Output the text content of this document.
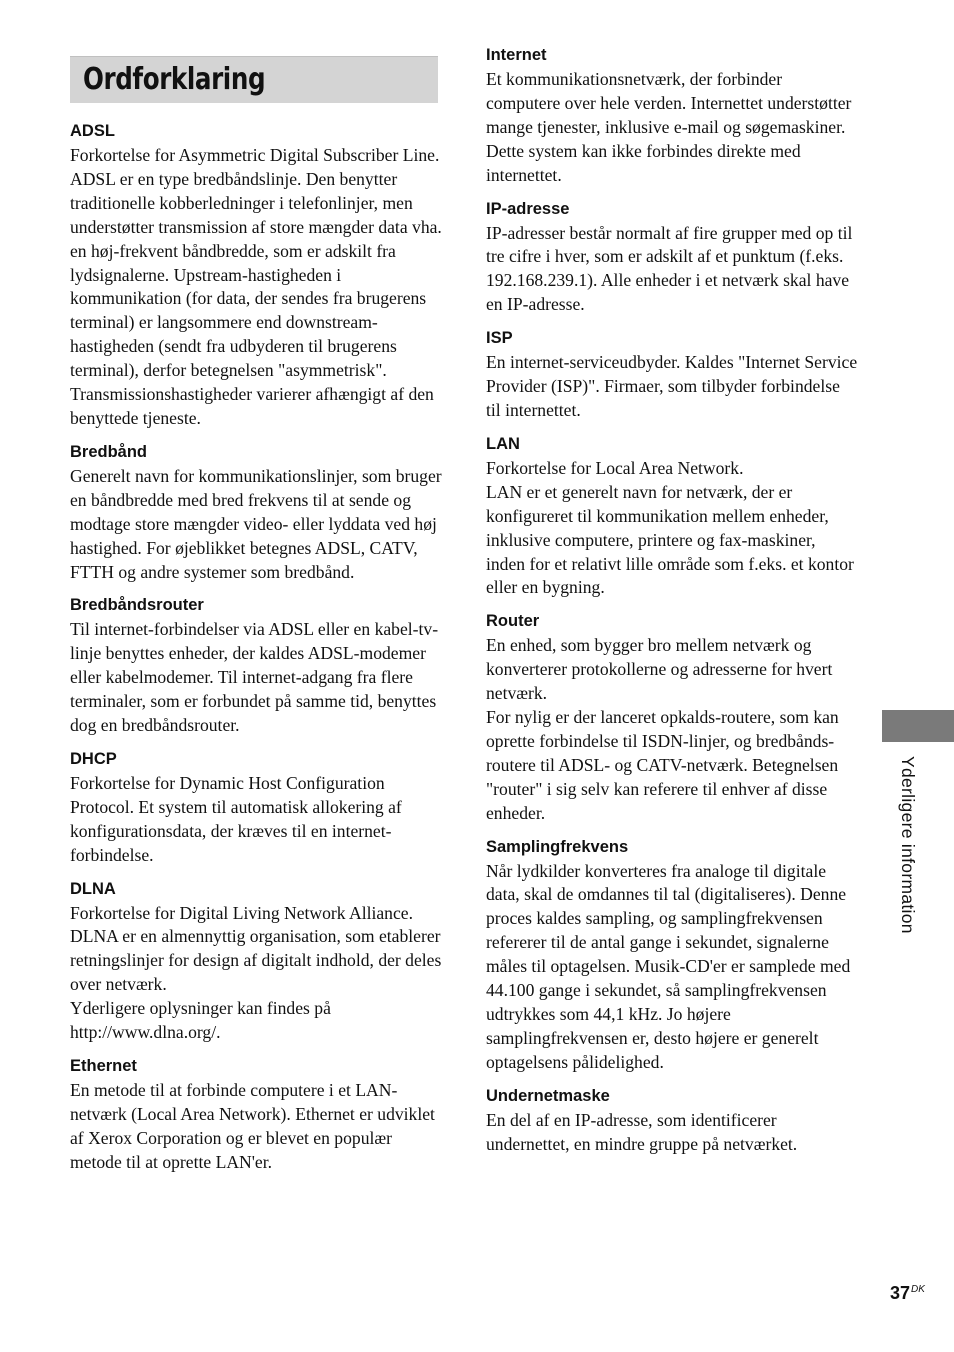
Ordforklaring
ADSL

Forkortelse for Asymmetric Digital Subscriber Line. ADSL er en type bredbåndslinje. Den benytter traditionelle kobberledninger i telefonlinjer, men understøtter transmission af store mængder data vha. en høj-frekvent båndbredde, som er adskilt fra lydsignalerne. Upstream-hastigheden i kommunikation (for data, der sendes fra brugerens terminal) er langsommere end downstream-hastigheden (sendt fra udbyderen til brugerens terminal), derfor betegnelsen "asymmetrisk". Transmissionshastigheder varierer afhængigt af den benyttede tjeneste.

Bredbånd

Generelt navn for kommunikationslinjer, som bruger en båndbredde med bred frekvens til at sende og modtage store mængder video- eller lyddata ved høj hastighed. For øjeblikket betegnes ADSL, CATV, FTTH og andre systemer som bredbånd.

Bredbåndsrouter

Til internet-forbindelser via ADSL eller en kabel-tv-linje benyttes enheder, der kaldes ADSL-modemer eller kabelmodemer. Til internet-adgang fra flere terminaler, som er forbundet på samme tid, benyttes dog en bredbåndsrouter.

DHCP

Forkortelse for Dynamic Host Configuration Protocol. Et system til automatisk allokering af konfigurationsdata, der kræves til en internet-forbindelse.

DLNA

Forkortelse for Digital Living Network Alliance. DLNA er en almennyttig organisation, som etablerer retningslinjer for design af digitalt indhold, der deles over netværk.

Yderligere oplysninger kan findes på http://www.dlna.org/.

Ethernet

En metode til at forbinde computere i et LAN-netværk (Local Area Network). Ethernet er udviklet af Xerox Corporation og er blevet en populær metode til at oprette LAN'er.

Internet

Et kommunikationsnetværk, der forbinder computere over hele verden. Internettet understøtter mange tjenester, inklusive e-mail og søgemaskiner.

Dette system kan ikke forbindes direkte med internettet.

IP-adresse

IP-adresser består normalt af fire grupper med op til tre cifre i hver, som er adskilt af et punktum (f.eks. 192.168.239.1). Alle enheder i et netværk skal have en IP-adresse.

ISP

En internet-serviceudbyder. Kaldes "Internet Service Provider (ISP)". Firmaer, som tilbyder forbindelse til internettet.

LAN

Forkortelse for Local Area Network.

LAN er et generelt navn for netværk, der er konfigureret til kommunikation mellem enheder, inklusive computere, printere og fax-maskiner, inden for et relativt lille område som f.eks. et kontor eller en bygning.

Router

En enhed, som bygger bro mellem netværk og konverterer protokollerne og adresserne for hvert netværk.

For nylig er der lanceret opkalds-routere, som kan oprette forbindelse til ISDN-linjer, og bredbånds-routere til ADSL- og CATV-netværk. Betegnelsen "router" i sig selv kan referere til enhver af disse enheder.

Samplingfrekvens

Når lydkilder konverteres fra analoge til digitale data, skal de omdannes til tal (digitaliseres). Denne proces kaldes sampling, og samplingfrekvensen refererer til de antal gange i sekundet, signalerne måles til optagelsen. Musik-CD'er er samplede med 44.100 gange i sekundet, så samplingfrekvensen udtrykkes som 44,1 kHz. Jo højere samplingfrekvensen er, desto højere er generelt optagelsens pålidelighed.

Undernetmaske

En del af en IP-adresse, som identificerer undernettet, en mindre gruppe på netværket.

Yderligere information
$37^{DK}$
